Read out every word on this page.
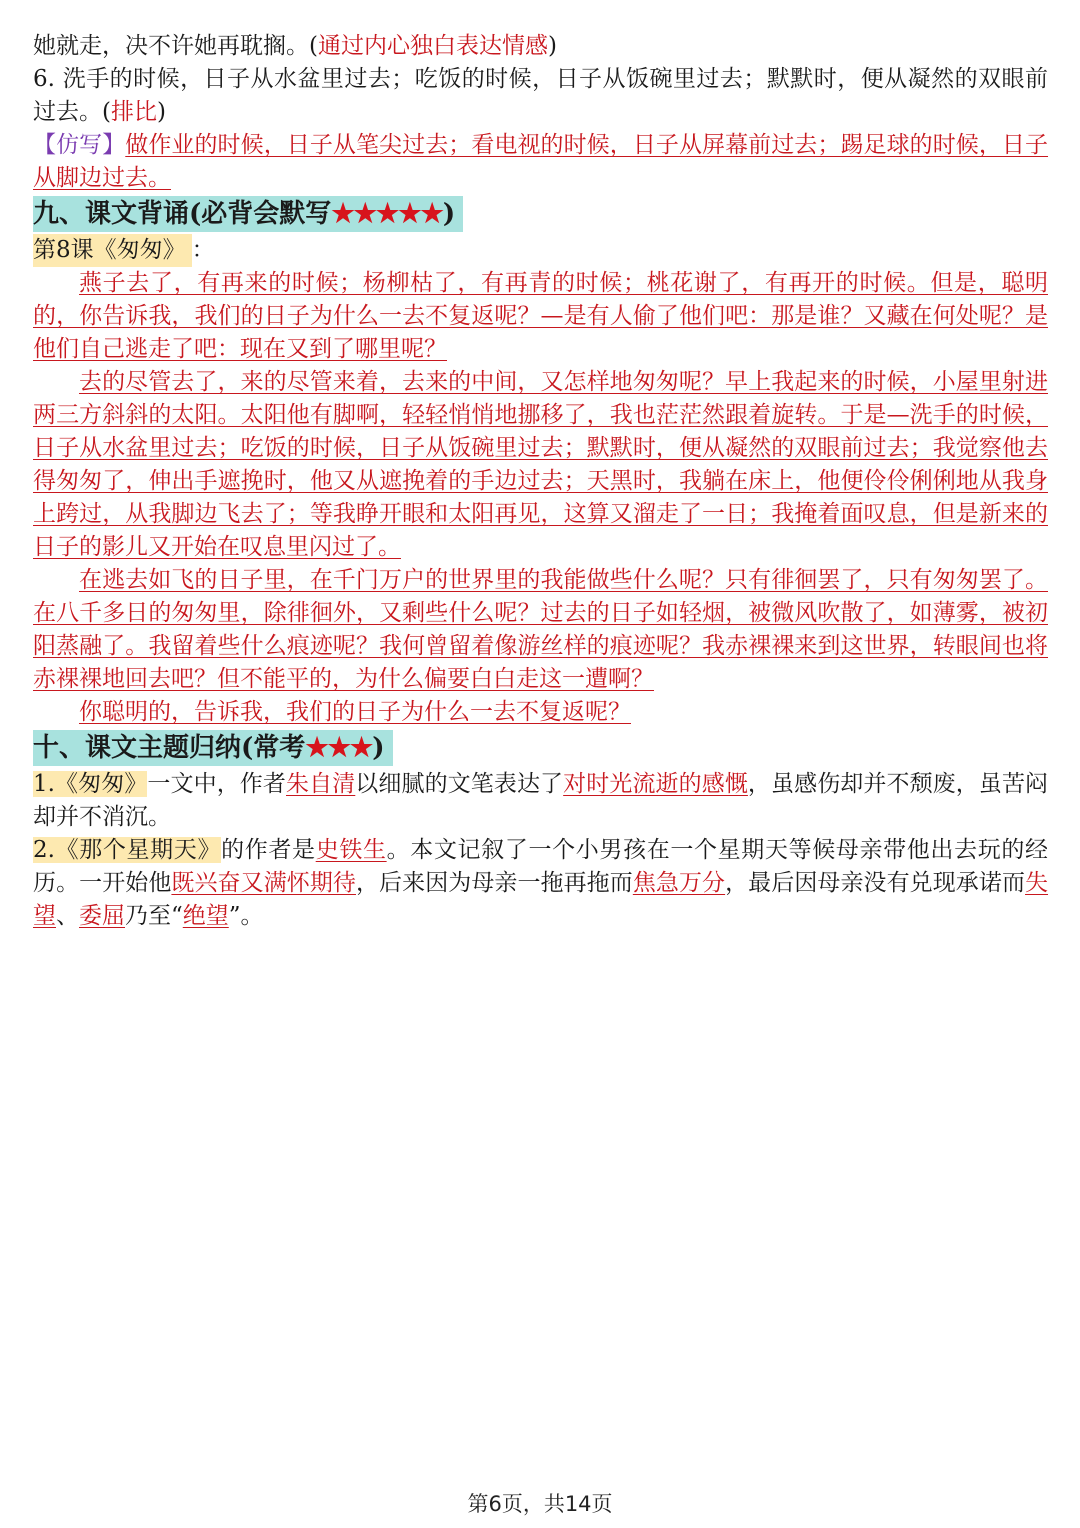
她就走，决不许她再耽搁。(通过内心独白表达情感)

6. 洗手的时候，日子从水盆里过去；吃饭的时候，日子从饭碗里过去；默默时，便从凝然的双眼前过去。(排比)

【仿写】做作业的时候，日子从笔尖过去；看电视的时候，日子从屏幕前过去；踢足球的时候，日子从脚边过去。

九、课文背诵(必背会默写★★★★★)

第8课《匆匆》 ：

燕子去了，有再来的时候；杨柳枯了，有再青的时候；桃花谢了，有再开的时候。但是，聪明的，你告诉我，我们的日子为什么一去不复返呢？—是有人偷了他们吧：那是谁？又藏在何处呢？是他们自己逃走了吧：现在又到了哪里呢？

去的尽管去了，来的尽管来着，去来的中间，又怎样地匆匆呢？早上我起来的时候，小屋里射进两三方斜斜的太阳。太阳他有脚啊，轻轻悄悄地挪移了，我也茫茫然跟着旋转。于是—洗手的时候，日子从水盆里过去；吃饭的时候，日子从饭碗里过去；默默时，便从凝然的双眼前过去；我觉察他去得匆匆了，伸出手遮挽时，他又从遮挽着的手边过去；天黑时，我躺在床上，他便伶伶俐俐地从我身上跨过，从我脚边飞去了；等我睁开眼和太阳再见，这算又溜走了一日；我掩着面叹息，但是新来的日子的影儿又开始在叹息里闪过了。

在逃去如飞的日子里，在千门万户的世界里的我能做些什么呢？只有徘徊罢了，只有匆匆罢了。在八千多日的匆匆里，除徘徊外，又剩些什么呢？过去的日子如轻烟，被微风吹散了，如薄雾，被初阳蒸融了。我留着些什么痕迹呢？我何曾留着像游丝样的痕迹呢？我赤裸裸来到这世界，转眼间也将赤裸裸地回去吧？但不能平的，为什么偏要白白走这一遭啊？

你聪明的，告诉我，我们的日子为什么一去不复返呢？

十、课文主题归纳(常考★★★)

1.《匆匆》一文中，作者朱自清以细腻的文笔表达了对时光流逝的感慨，虽感伤却并不颓废，虽苦闷却并不消沉。

2.《那个星期天》的作者是史铁生。本文记叙了一个小男孩在一个星期天等候母亲带他出去玩的经历。一开始他既兴奋又满怀期待，后来因为母亲一拖再拖而焦急万分，最后因母亲没有兑现承诺而失望、委屈乃至“绝望”。

第6页，共14页
